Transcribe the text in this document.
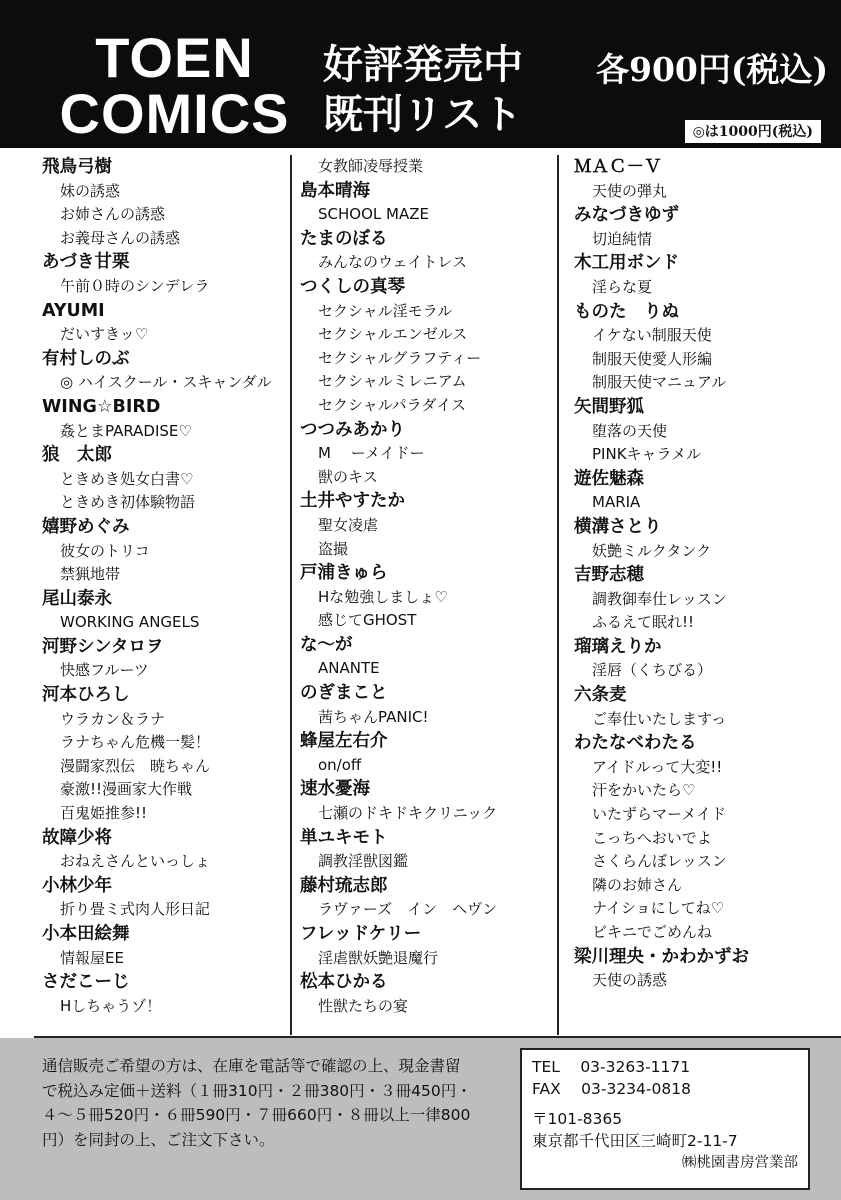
TOEN
COMICS
好評発売中
既刊リスト
各900円(税込)
◎は1000円(税込)
飛鳥弓樹
妹の誘惑
お姉さんの誘惑
お義母さんの誘惑
あづき甘栗
午前０時のシンデレラ
AYUMI
だいすきッ♡
有村しのぶ
◎ ハイスクール・スキャンダル
WING☆BIRD
姦とまPARADISE♡
狼　太郎
ときめき処女白書♡
ときめき初体験物語
嬉野めぐみ
彼女のトリコ
禁猟地帯
尾山泰永
WORKING ANGELS
河野シンタロヲ
快感フルーツ
河本ひろし
ウラカン＆ラナ
ラナちゃん危機一髪！
漫闘家烈伝　暁ちゃん
豪激!!漫画家大作戦
百鬼姫推参!!
故障少将
おねえさんといっしょ
小林少年
折り畳ミ式肉人形日記
小本田絵舞
情報屋EE
さだこーじ
Hしちゃうゾ！
女教師凌辱授業
島本晴海
SCHOOL MAZE
たまのぼる
みんなのウェイトレス
つくしの真琴
セクシャル淫モラル
セクシャルエンゼルス
セクシャルグラフティー
セクシャルミレニアム
セクシャルパラダイス
つつみあかり
M　 ーメイドー
獣のキス
土井やすたか
聖女凌虐
盗撮
戸浦きゅら
Hな勉強しましょ♡
感じてGHOST
な～が
ANANTE
のぎまこと
茜ちゃんPANIC!
蜂屋左右介
on/off
速水憂海
七瀬のドキドキクリニック
単ユキモト
調教淫獣図鑑
藤村琉志郎
ラヴァーズ　イン　ヘヴン
フレッドケリー
淫虐獣妖艶退魔行
松本ひかる
性獣たちの宴
ＭＡＣ－Ｖ
天使の弾丸
みなづきゆず
切迫純情
木工用ボンド
淫らな夏
ものた　りぬ
イケない制服天使
制服天使愛人形編
制服天使マニュアル
矢間野狐
堕落の天使
PINKキャラメル
遊佐魅森
MARIA
横溝さとり
妖艶ミルクタンク
吉野志穂
調教御奉仕レッスン
ふるえて眠れ!!
瑠璃えりか
淫唇（くちびる）
六条麦
ご奉仕いたしますっ
わたなべわたる
アイドルって大変!!
汗をかいたら♡
いたずらマーメイド
こっちへおいでよ
さくらんぼレッスン
隣のお姉さん
ナイショにしてね♡
ビキニでごめんね
梁川理央・かわかずお
天使の誘惑
通信販売ご希望の方は、在庫を電話等で確認の上、現金書留で税込み定価＋送料（１冊310円・２冊380円・３冊450円・４～５冊520円・６冊590円・７冊660円・８冊以上一律800円）を同封の上、ご注文下さい。
TEL　 03-3263-1171
FAX　 03-3234-0818
〒101-8365
東京都千代田区三崎町2-11-7
㈱桃園書房営業部
